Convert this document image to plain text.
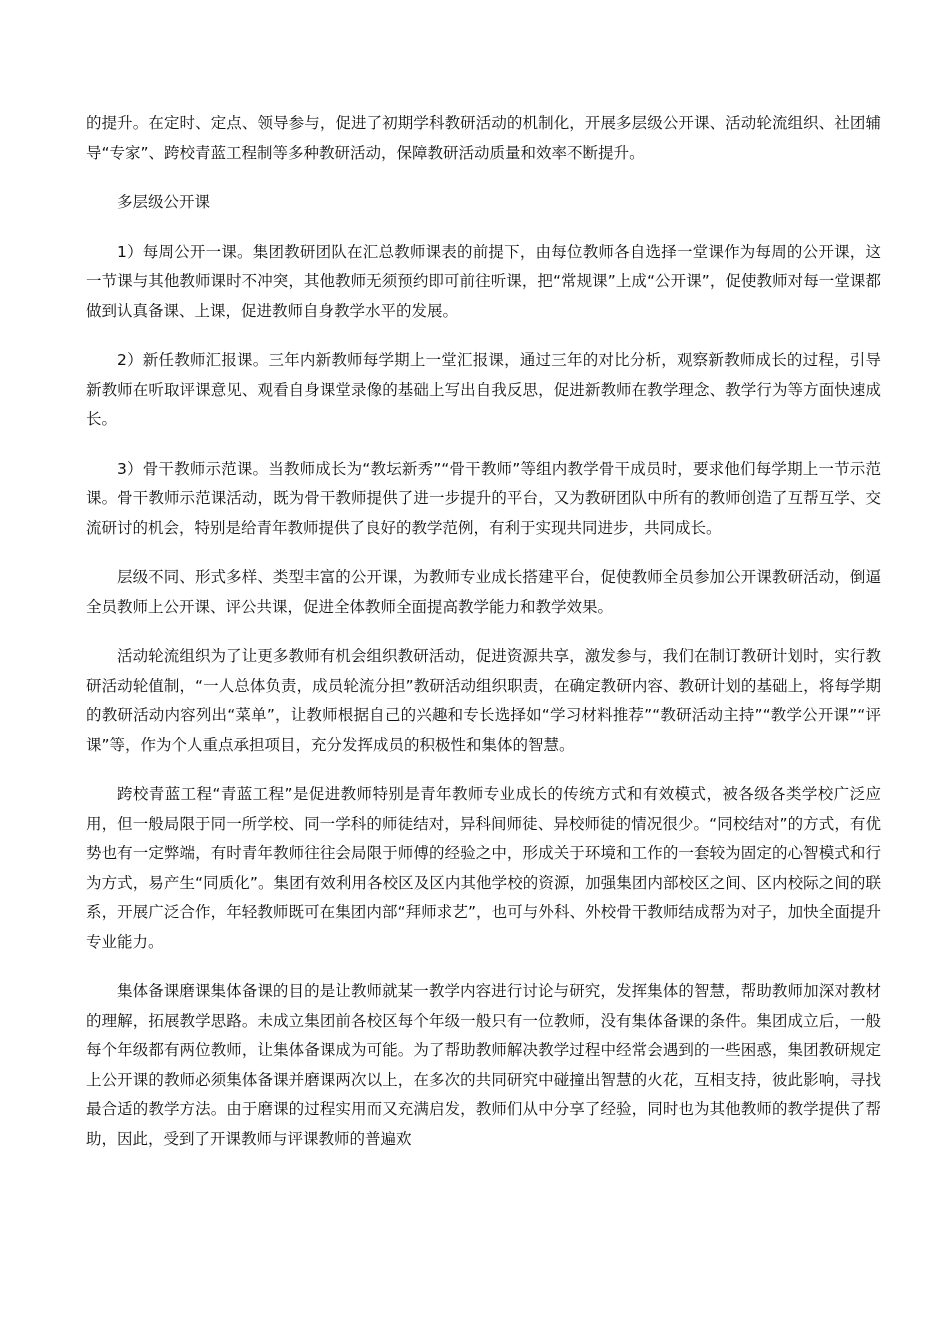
的提升。在定时、定点、领导参与，促进了初期学科教研活动的机制化，开展多层级公开课、活动轮流组织、社团辅导“专家”、跨校青蓝工程制等多种教研活动，保障教研活动质量和效率不断提升。

多层级公开课

1）每周公开一课。集团教研团队在汇总教师课表的前提下，由每位教师各自选择一堂课作为每周的公开课，这一节课与其他教师课时不冲突，其他教师无须预约即可前往听课，把“常规课”上成“公开课”，促使教师对每一堂课都做到认真备课、上课，促进教师自身教学水平的发展。

2）新任教师汇报课。三年内新教师每学期上一堂汇报课，通过三年的对比分析，观察新教师成长的过程，引导新教师在听取评课意见、观看自身课堂录像的基础上写出自我反思，促进新教师在教学理念、教学行为等方面快速成长。

3）骨干教师示范课。当教师成长为“教坛新秀”“骨干教师”等组内教学骨干成员时，要求他们每学期上一节示范课。骨干教师示范课活动，既为骨干教师提供了进一步提升的平台，又为教研团队中所有的教师创造了互帮互学、交流研讨的机会，特别是给青年教师提供了良好的教学范例，有利于实现共同进步，共同成长。

层级不同、形式多样、类型丰富的公开课，为教师专业成长搭建平台，促使教师全员参加公开课教研活动，倒逼全员教师上公开课、评公共课，促进全体教师全面提高教学能力和教学效果。

活动轮流组织为了让更多教师有机会组织教研活动，促进资源共享，激发参与，我们在制订教研计划时，实行教研活动轮值制，“一人总体负责，成员轮流分担”教研活动组织职责，在确定教研内容、教研计划的基础上，将每学期的教研活动内容列出“菜单”，让教师根据自己的兴趣和专长选择如“学习材料推荐”“教研活动主持”“教学公开课”“评课”等，作为个人重点承担项目，充分发挥成员的积极性和集体的智慧。

跨校青蓝工程“青蓝工程”是促进教师特别是青年教师专业成长的传统方式和有效模式，被各级各类学校广泛应用，但一般局限于同一所学校、同一学科的师徒结对，异科间师徒、异校师徒的情况很少。“同校结对”的方式，有优势也有一定弊端，有时青年教师往往会局限于师傅的经验之中，形成关于环境和工作的一套较为固定的心智模式和行为方式，易产生“同质化”。集团有效利用各校区及区内其他学校的资源，加强集团内部校区之间、区内校际之间的联系，开展广泛合作，年轻教师既可在集团内部“拜师求艺”，也可与外科、外校骨干教师结成帮为对子，加快全面提升专业能力。

集体备课磨课集体备课的目的是让教师就某一教学内容进行讨论与研究，发挥集体的智慧，帮助教师加深对教材的理解，拓展教学思路。未成立集团前各校区每个年级一般只有一位教师，没有集体备课的条件。集团成立后，一般每个年级都有两位教师，让集体备课成为可能。为了帮助教师解决教学过程中经常会遇到的一些困惑，集团教研规定上公开课的教师必须集体备课并磨课两次以上，在多次的共同研究中碰撞出智慧的火花，互相支持，彼此影响，寻找最合适的教学方法。由于磨课的过程实用而又充满启发，教师们从中分享了经验，同时也为其他教师的教学提供了帮助，因此，受到了开课教师与评课教师的普遍欢
